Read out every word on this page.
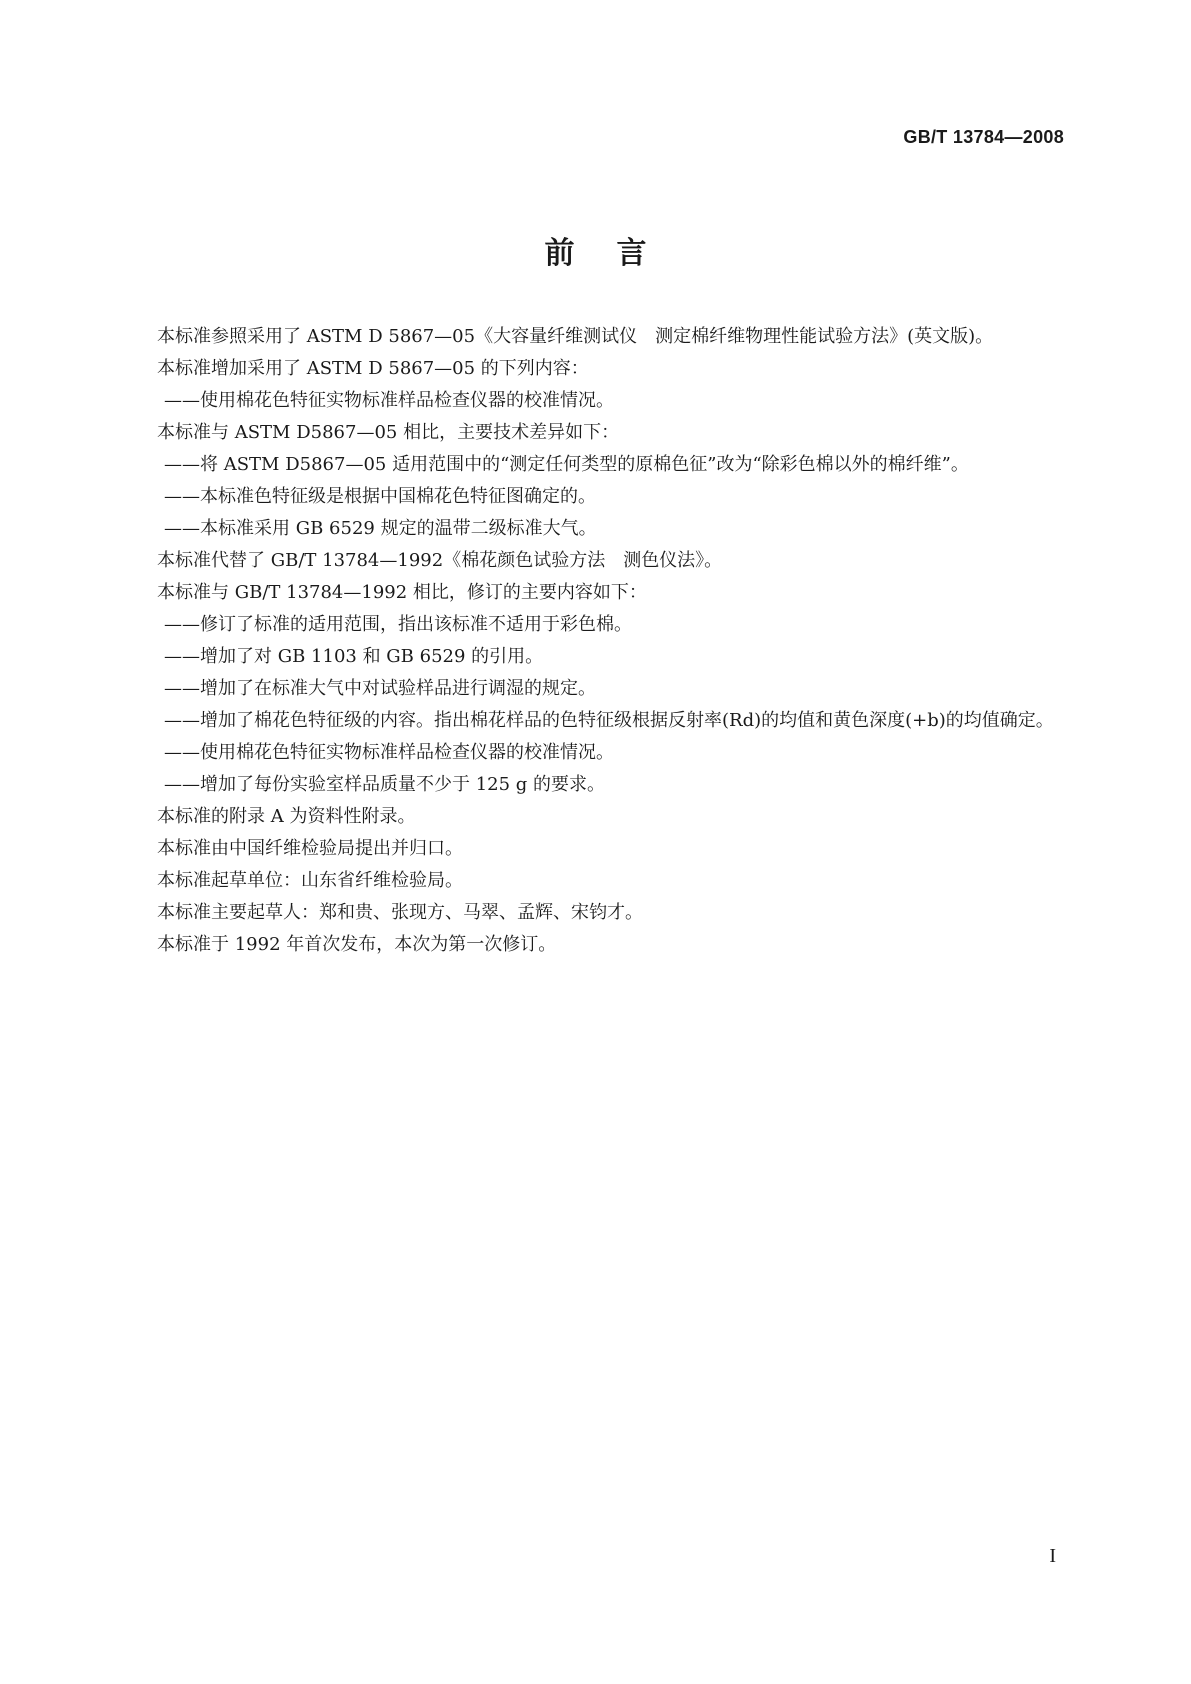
GB/T 13784—2008
前言

本标准参照采用了 ASTM D 5867—05《大容量纤维测试仪　测定棉纤维物理性能试验方法》(英文版)。

本标准增加采用了 ASTM D 5867—05 的下列内容：

——使用棉花色特征实物标准样品检查仪器的校准情况。

本标准与 ASTM D5867—05 相比，主要技术差异如下：

——将 ASTM D5867—05 适用范围中的“测定任何类型的原棉色征”改为“除彩色棉以外的棉纤维”。

——本标准色特征级是根据中国棉花色特征图确定的。

——本标准采用 GB 6529 规定的温带二级标准大气。

本标准代替了 GB/T 13784—1992《棉花颜色试验方法　测色仪法》。

本标准与 GB/T 13784—1992 相比，修订的主要内容如下：

——修订了标准的适用范围，指出该标准不适用于彩色棉。

——增加了对 GB 1103 和 GB 6529 的引用。

——增加了在标准大气中对试验样品进行调湿的规定。

——增加了棉花色特征级的内容。指出棉花样品的色特征级根据反射率(Rd)的均值和黄色深度(+b)的均值确定。

——使用棉花色特征实物标准样品检查仪器的校准情况。

——增加了每份实验室样品质量不少于 125 g 的要求。

本标准的附录 A 为资料性附录。

本标准由中国纤维检验局提出并归口。

本标准起草单位：山东省纤维检验局。

本标准主要起草人：郑和贵、张现方、马翠、孟辉、宋钧才。

本标准于 1992 年首次发布，本次为第一次修订。

I
